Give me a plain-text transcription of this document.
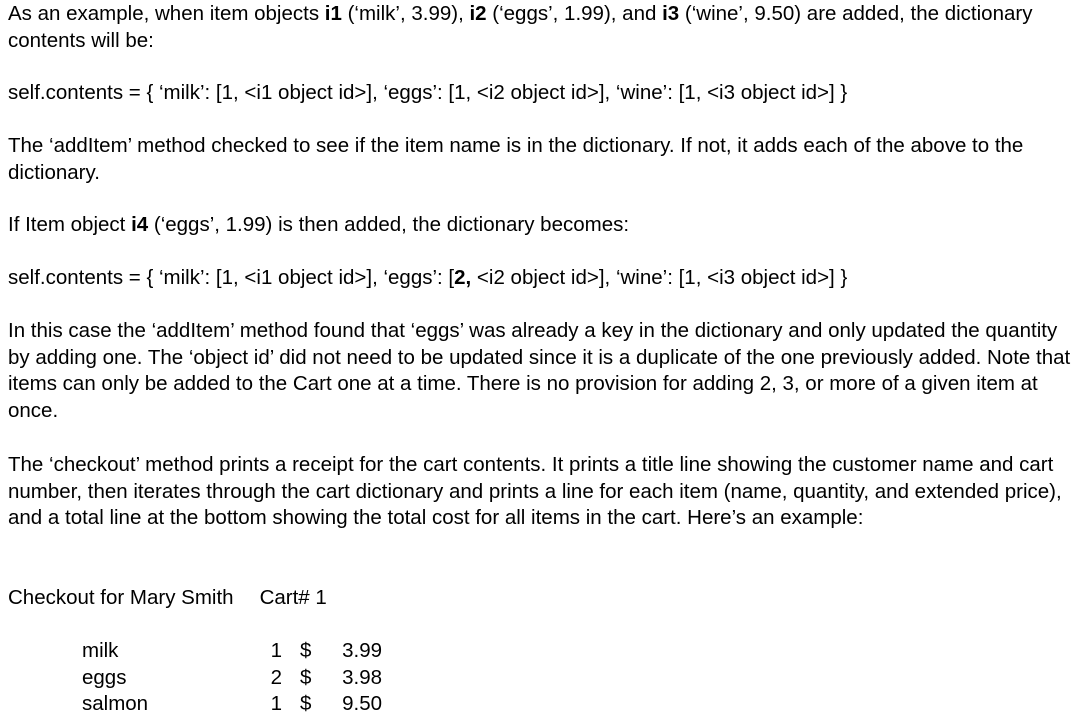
As an example, when item objects i1 (‘milk’, 3.99), i2 (‘eggs’, 1.99), and i3 (‘wine’, 9.50) are added, the dictionary contents will be:

self.contents = { ‘milk’: [1, <i1 object id>], ‘eggs’: [1, <i2 object id>], ‘wine’: [1, <i3 object id>] }

The ‘addItem’ method checked to see if the item name is in the dictionary. If not, it adds each of the above to the dictionary.

If Item object i4 (‘eggs’, 1.99) is then added, the dictionary becomes:

self.contents = { ‘milk’: [1, <i1 object id>], ‘eggs’: [2, <i2 object id>], ‘wine’: [1, <i3 object id>] }

In this case the ‘addItem’ method found that ‘eggs’ was already a key in the dictionary and only updated the quantity by adding one. The ‘object id’ did not need to be updated since it is a duplicate of the one previously added. Note that items can only be added to the Cart one at a time. There is no provision for adding 2, 3, or more of a given item at once.

The ‘checkout’ method prints a receipt for the cart contents. It prints a title line showing the customer name and cart number, then iterates through the cart dictionary and prints a line for each item (name, quantity, and extended price), and a total line at the bottom showing the total cost for all items in the cart. Here’s an example:

Checkout for Mary Smith Cart# 1

milk	1 $	3.99
eggs	2 $	3.98
salmon	1 $	9.50
